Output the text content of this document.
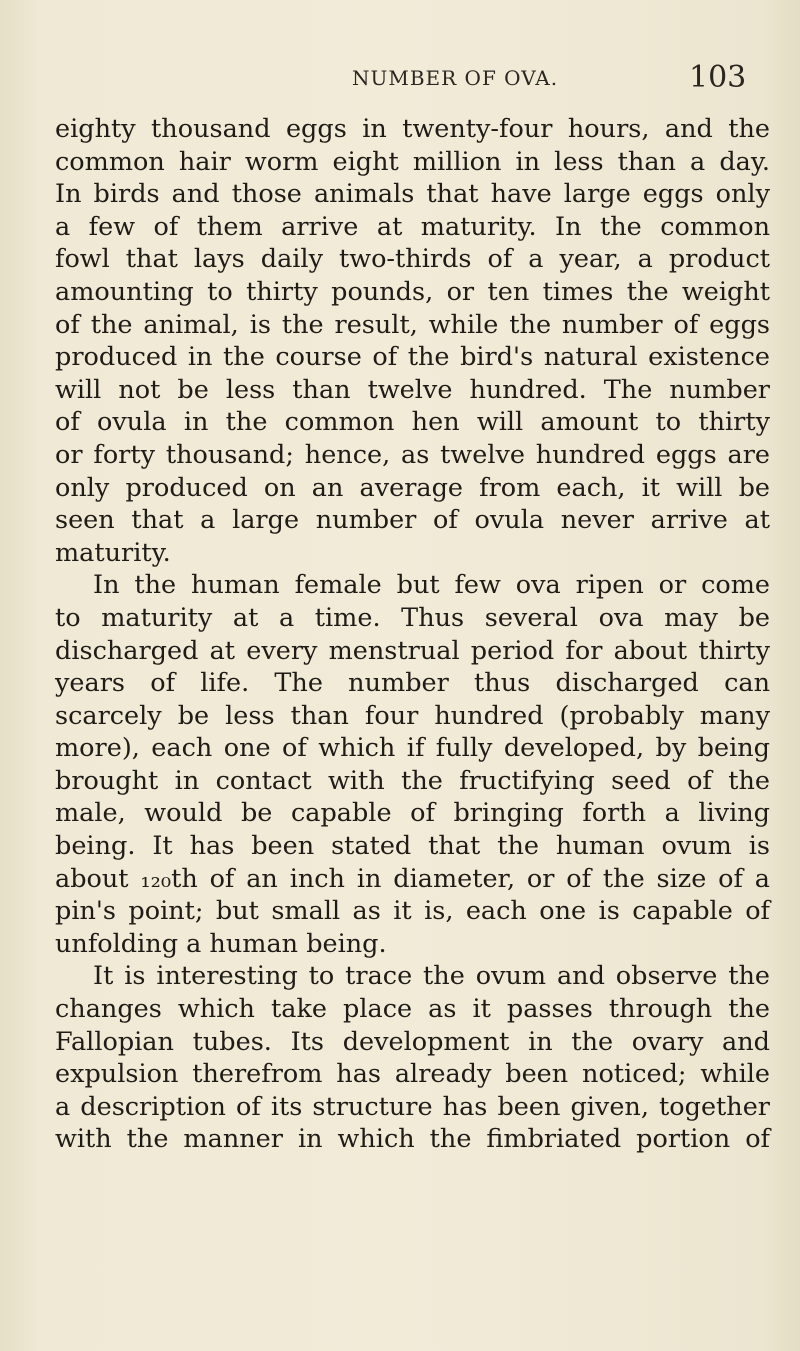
NUMBER OF OVA.	103
eighty thousand eggs in twenty-four hours, and the
common hair worm eight million in less than a day.
In birds and those animals that have large eggs only
a few of them arrive at maturity. In the common
fowl that lays daily two-thirds of a year, a product
amounting to thirty pounds, or ten times the weight
of the animal, is the result, while the number of eggs
produced in the course of the bird's natural existence
will not be less than twelve hundred. The number
of ovula in the common hen will amount to thirty
or forty thousand; hence, as twelve hundred eggs are
only produced on an average from each, it will be
seen that a large number of ovula never arrive at
maturity.
In the human female but few ova ripen or come
to maturity at a time. Thus several ova may be
discharged at every menstrual period for about thirty
years of life. The number thus discharged can
scarcely be less than four hundred (probably many
more), each one of which if fully developed, by being
brought in contact with the fructifying seed of the
male, would be capable of bringing forth a living
being. It has been stated that the human ovum is
about ₁₂₀th of an inch in diameter, or of the size of a
pin's point; but small as it is, each one is capable of
unfolding a human being.
It is interesting to trace the ovum and observe the
changes which take place as it passes through the
Fallopian tubes. Its development in the ovary and
expulsion therefrom has already been noticed; while
a description of its structure has been given, together
with the manner in which the fimbriated portion of
